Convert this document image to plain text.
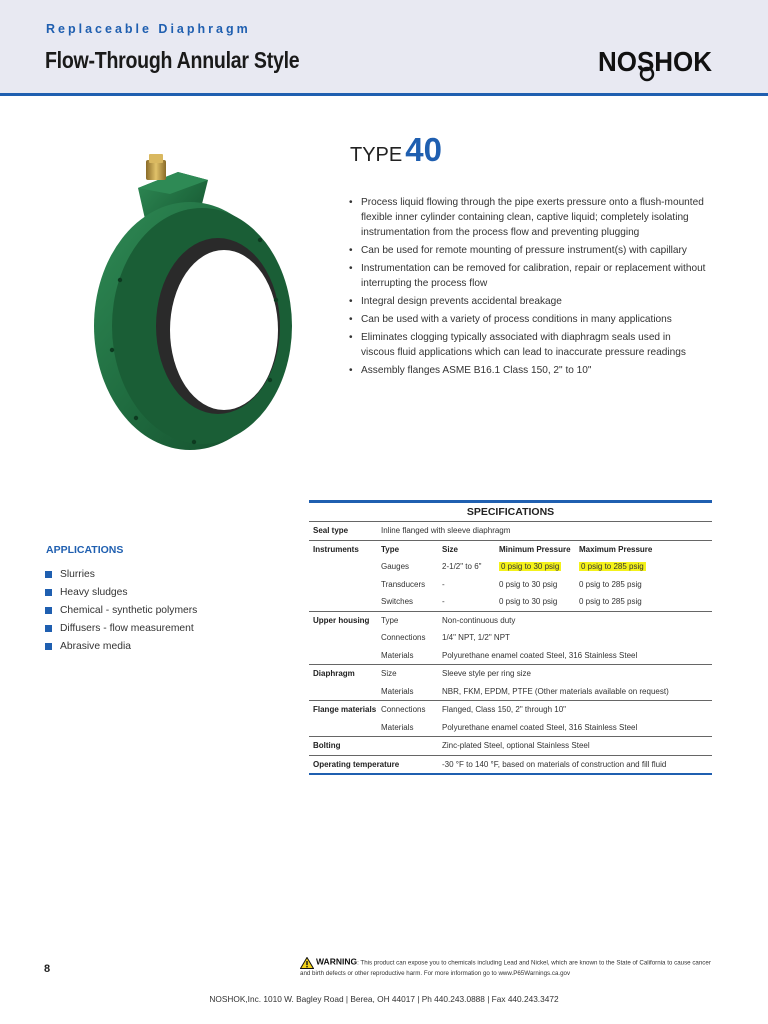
Replaceable Diaphragm
Flow-Through Annular Style	NOSHOK
TYPE40
• Process liquid flowing through the pipe exerts pressure onto a flush-mounted flexible inner cylinder containing clean, captive liquid; completely isolating instrumentation from the process flow and preventing plugging
• Can be used for remote mounting of pressure instrument(s) with capillary
• Instrumentation can be removed for calibration, repair or replacement without interrupting the process flow
• Integral design prevents accidental breakage
• Can be used with a variety of process conditions in many applications
• Eliminates clogging typically associated with diaphragm seals used in viscous fluid applications which can lead to inaccurate pressure readings
• Assembly flanges ASME B16.1 Class 150, 2" to 10"
APPLICATIONS
Slurries
Heavy sludges
Chemical - synthetic polymers
Diffusers - flow measurement
Abrasive media
SPECIFICATIONS
Seal type	Inline flanged with sleeve diaphragm			
Instruments	Type	Size	Minimum Pressure	Maximum Pressure
	Gauges	2-1/2" to 6"	0 psig to 30 psig	0 psig to 285 psig
	Transducers	-	0 psig to 30 psig	0 psig to 285 psig
	Switches	-	0 psig to 30 psig	0 psig to 285 psig
Upper housing	Type	Non-continuous duty		
	Connections	1/4" NPT, 1/2" NPT		
	Materials	Polyurethane enamel coated Steel, 316 Stainless Steel		
Diaphragm	Size	Sleeve style per ring size		
	Materials	NBR, FKM, EPDM, PTFE (Other materials available on request)		
Flange materials	Connections	Flanged, Class 150, 2" through 10"		
	Materials	Polyurethane enamel coated Steel, 316 Stainless Steel		
Bolting		Zinc-plated Steel, optional Stainless Steel		
Operating temperature		-30 °F to 140 °F, based on materials of construction and fill fluid		
8
WARNING: This product can expose you to chemicals including Lead and Nickel, which are known to the State of California to cause cancer and birth defects or other reproductive harm. For more information go to www.P65Warnings.ca.gov
NOSHOK,Inc. 1010 W. Bagley Road | Berea, OH 44017 | Ph 440.243.0888 | Fax 440.243.3472
